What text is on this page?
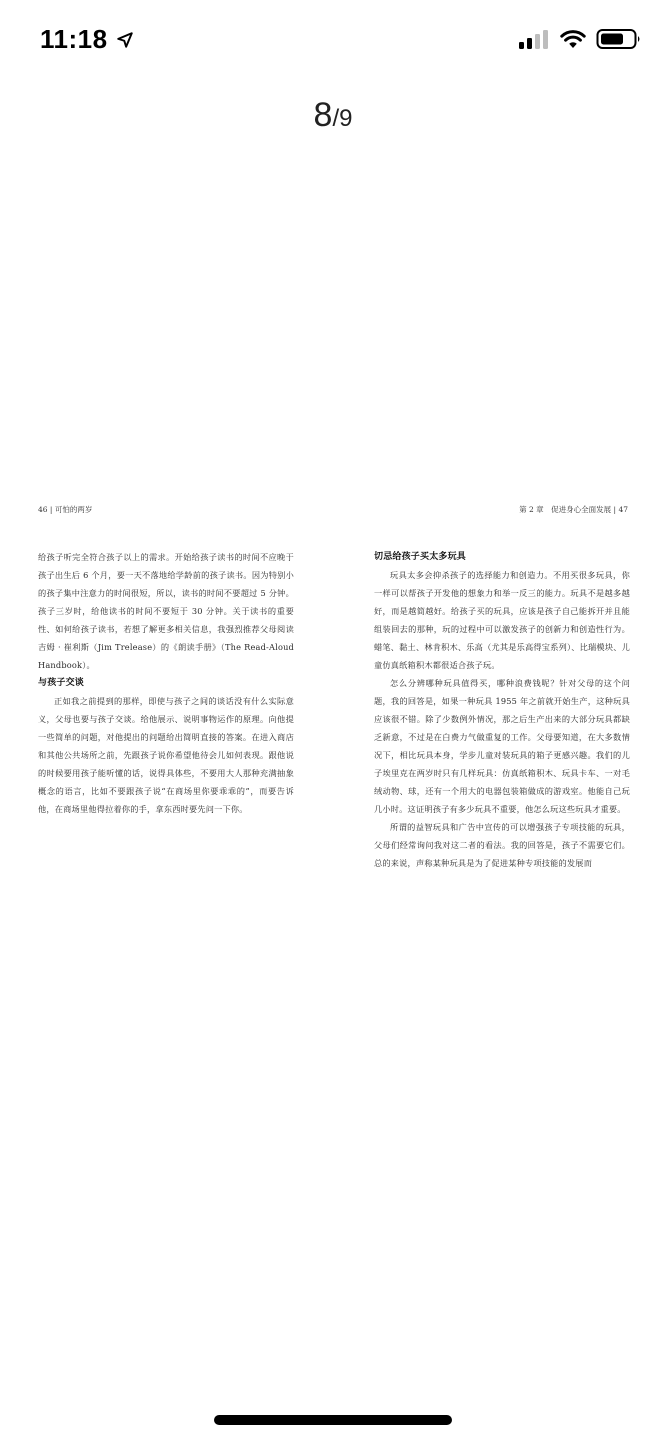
11:18
8/9
46 | 可怕的两岁	第 2 章　促进身心全面发展 | 47

给孩子听完全符合孩子以上的需求。开始给孩子读书的时间不应晚于孩子出生后 6 个月，要一天不落地给学龄前的孩子读书。因为特别小的孩子集中注意力的时间很短，所以，读书的时间不要超过 5 分钟。孩子三岁时，给他读书的时间不要短于 30 分钟。关于读书的重要性、如何给孩子读书，若想了解更多相关信息，我强烈推荐父母阅读吉姆 · 崔利斯（Jim Trelease）的《朗读手册》（The Read-Aloud Handbook）。

与孩子交谈

正如我之前提到的那样，即使与孩子之间的谈话没有什么实际意义，父母也要与孩子交谈。给他展示、说明事物运作的原理。向他提一些简单的问题，对他提出的问题给出简明直接的答案。在进入商店和其他公共场所之前，先跟孩子说你希望他待会儿如何表现。跟他说的时候要用孩子能听懂的话，说得具体些，不要用大人那种充满抽象概念的语言，比如不要跟孩子说“在商场里你要乖乖的”，而要告诉他，在商场里他得拉着你的手，拿东西时要先问一下你。

切忌给孩子买太多玩具

玩具太多会抑杀孩子的选择能力和创造力。不用买很多玩具，你一样可以帮孩子开发他的想象力和举一反三的能力。玩具不是越多越好，而是越简越好。给孩子买的玩具，应该是孩子自己能拆开并且能组装回去的那种，玩的过程中可以激发孩子的创新力和创造性行为。蜡笔、黏土、林肯积木、乐高（尤其是乐高得宝系列）、比瑞模块、儿童仿真纸箱积木都很适合孩子玩。

怎么分辨哪种玩具值得买，哪种浪费钱呢？针对父母的这个问题，我的回答是，如果一种玩具 1955 年之前就开始生产，这种玩具应该很不错。除了少数例外情况，那之后生产出来的大部分玩具都缺乏新意，不过是在白费力气做重复的工作。父母要知道，在大多数情况下，相比玩具本身，学步儿童对装玩具的箱子更感兴趣。我们的儿子埃里克在两岁时只有几样玩具：仿真纸箱积木、玩具卡车、一对毛绒动物、球，还有一个用大的电器包装箱做成的游戏室。他能自己玩几小时。这证明孩子有多少玩具不重要，他怎么玩这些玩具才重要。

所谓的益智玩具和广告中宣传的可以增强孩子专项技能的玩具，父母们经常询问我对这二者的看法。我的回答是，孩子不需要它们。总的来说，声称某种玩具是为了促进某种专项技能的发展而
